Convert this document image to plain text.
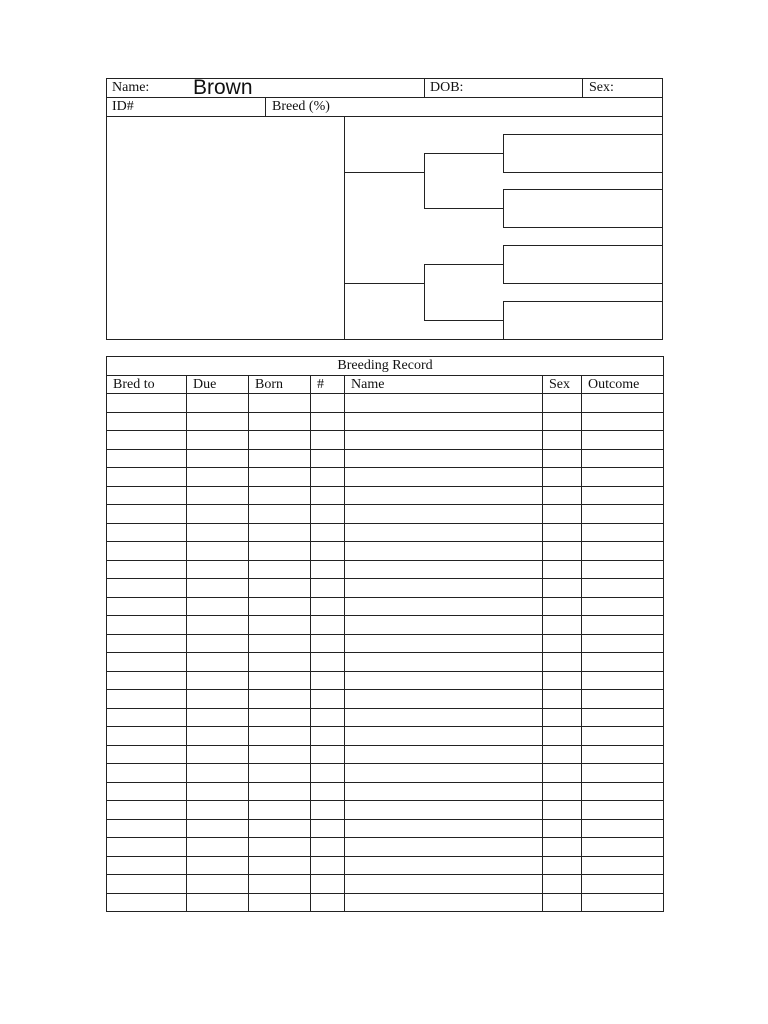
Name: Brown	DOB:	Sex:
ID#	Breed (%)
Breeding Record						
Bred to	Due	Born	#	Name	Sex	Outcome
